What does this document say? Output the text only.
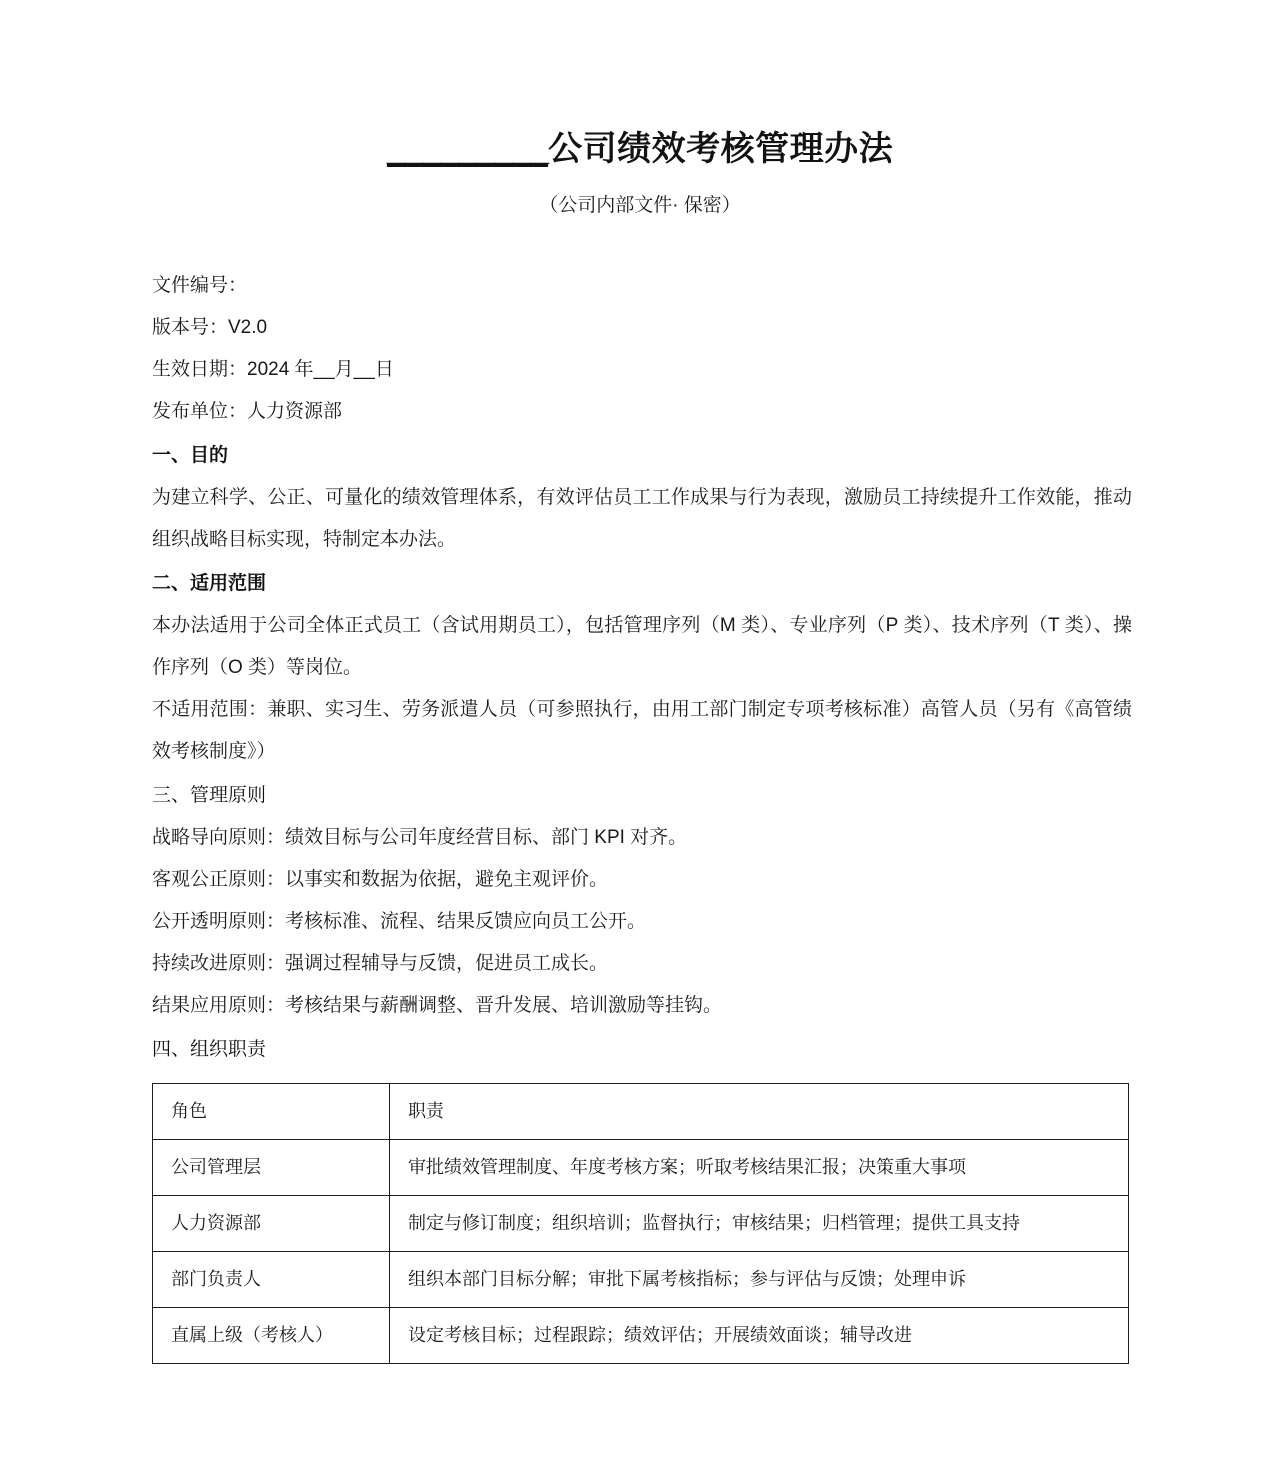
_________公司绩效考核管理办法

（公司内部文件· 保密）

文件编号：
版本号：V2.0
生效日期：2024 年__月__日
发布单位：人力资源部
一、目的
为建立科学、公正、可量化的绩效管理体系，有效评估员工工作成果与行为表现，激励员工持续提升工作效能，推动组织战略目标实现，特制定本办法。
二、适用范围
本办法适用于公司全体正式员工（含试用期员工），包括管理序列（M 类）、专业序列（P 类）、技术序列（T 类）、操作序列（O 类）等岗位。
不适用范围：兼职、实习生、劳务派遣人员（可参照执行，由用工部门制定专项考核标准）高管人员（另有《高管绩效考核制度》）
三、管理原则
战略导向原则：绩效目标与公司年度经营目标、部门 KPI 对齐。
客观公正原则：以事实和数据为依据，避免主观评价。
公开透明原则：考核标准、流程、结果反馈应向员工公开。
持续改进原则：强调过程辅导与反馈，促进员工成长。
结果应用原则：考核结果与薪酬调整、晋升发展、培训激励等挂钩。
四、组织职责
角色	职责
公司管理层	审批绩效管理制度、年度考核方案；听取考核结果汇报；决策重大事项
人力资源部	制定与修订制度；组织培训；监督执行；审核结果；归档管理；提供工具支持
部门负责人	组织本部门目标分解；审批下属考核指标；参与评估与反馈；处理申诉
直属上级（考核人）	设定考核目标；过程跟踪；绩效评估；开展绩效面谈；辅导改进
